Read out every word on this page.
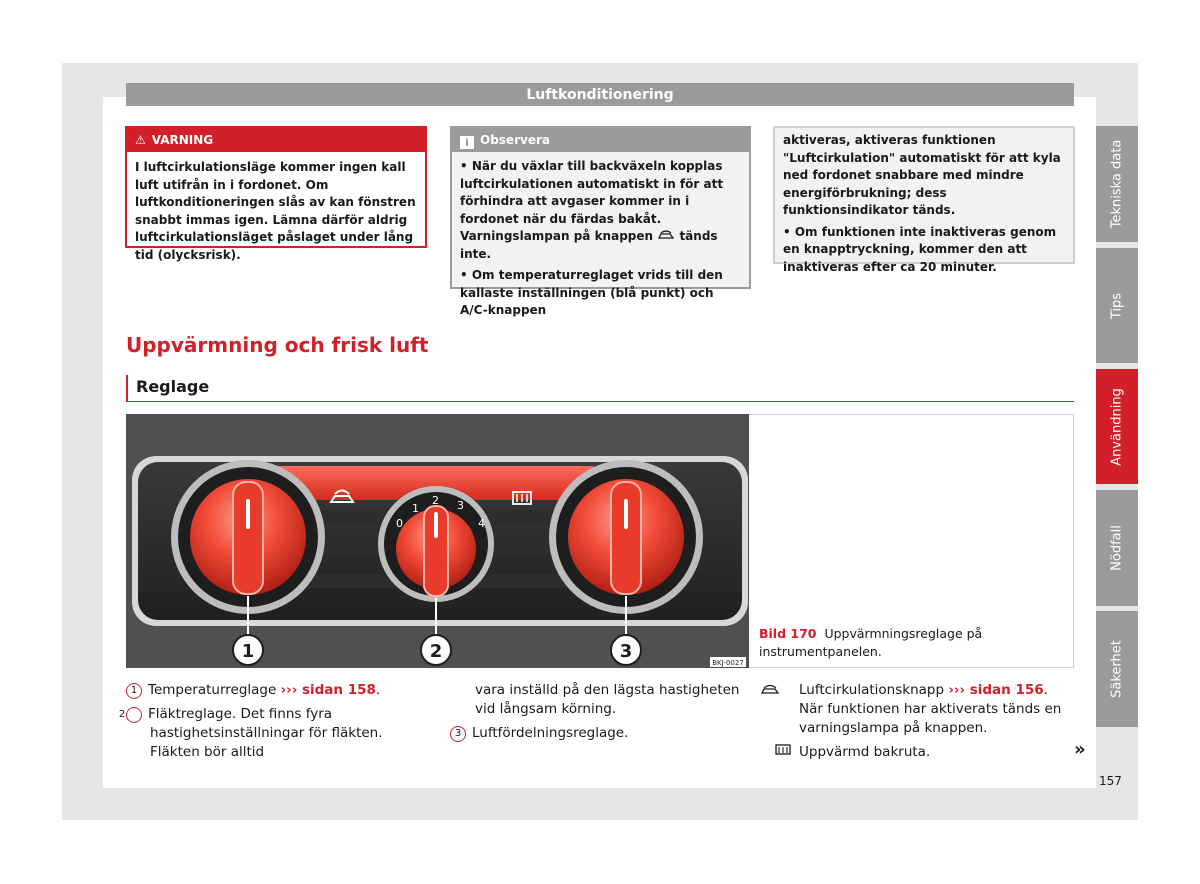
Luftkonditionering
Tekniska data
Tips
Användning
Nödfall
Säkerhet
⚠ VARNING
I luftcirkulationsläge kommer ingen kall luft utifrån in i fordonet. Om luftkonditioneringen slås av kan fönstren snabbt immas igen. Lämna därför aldrig luftcirkulationsläget påslaget under lång tid (olycksrisk).
i Observera
• När du växlar till backväxeln kopplas luftcirkulationen automatiskt in för att förhindra att avgaser kommer in i fordonet när du färdas bakåt. Varningslampan på knappen tänds inte.
• Om temperaturreglaget vrids till den kallaste inställningen (blå punkt) och A/C-knappen
aktiveras, aktiveras funktionen "Luftcirkulation" automatiskt för att kyla ned fordonet snabbare med mindre energiförbrukning; dess funktionsindikator tänds.
• Om funktionen inte inaktiveras genom en knapptryckning, kommer den att inaktiveras efter ca 20 minuter.
Uppvärmning och frisk luft
Reglage
0
1
2 3
4
1	2	3
BKJ-0027
Bild 170 Uppvärmningsreglage på instrumentpanelen.
1 Temperaturreglage ››› sidan 158.
2 Fläktreglage. Det finns fyra hastighetsinställningar för fläkten. Fläkten bör alltid
vara inställd på den lägsta hastigheten vid långsam körning.
3 Luftfördelningsreglage.
Luftcirkulationsknapp ››› sidan 156. När funktionen har aktiverats tänds en varningslampa på knappen.
Uppvärmd bakruta.	»
157
